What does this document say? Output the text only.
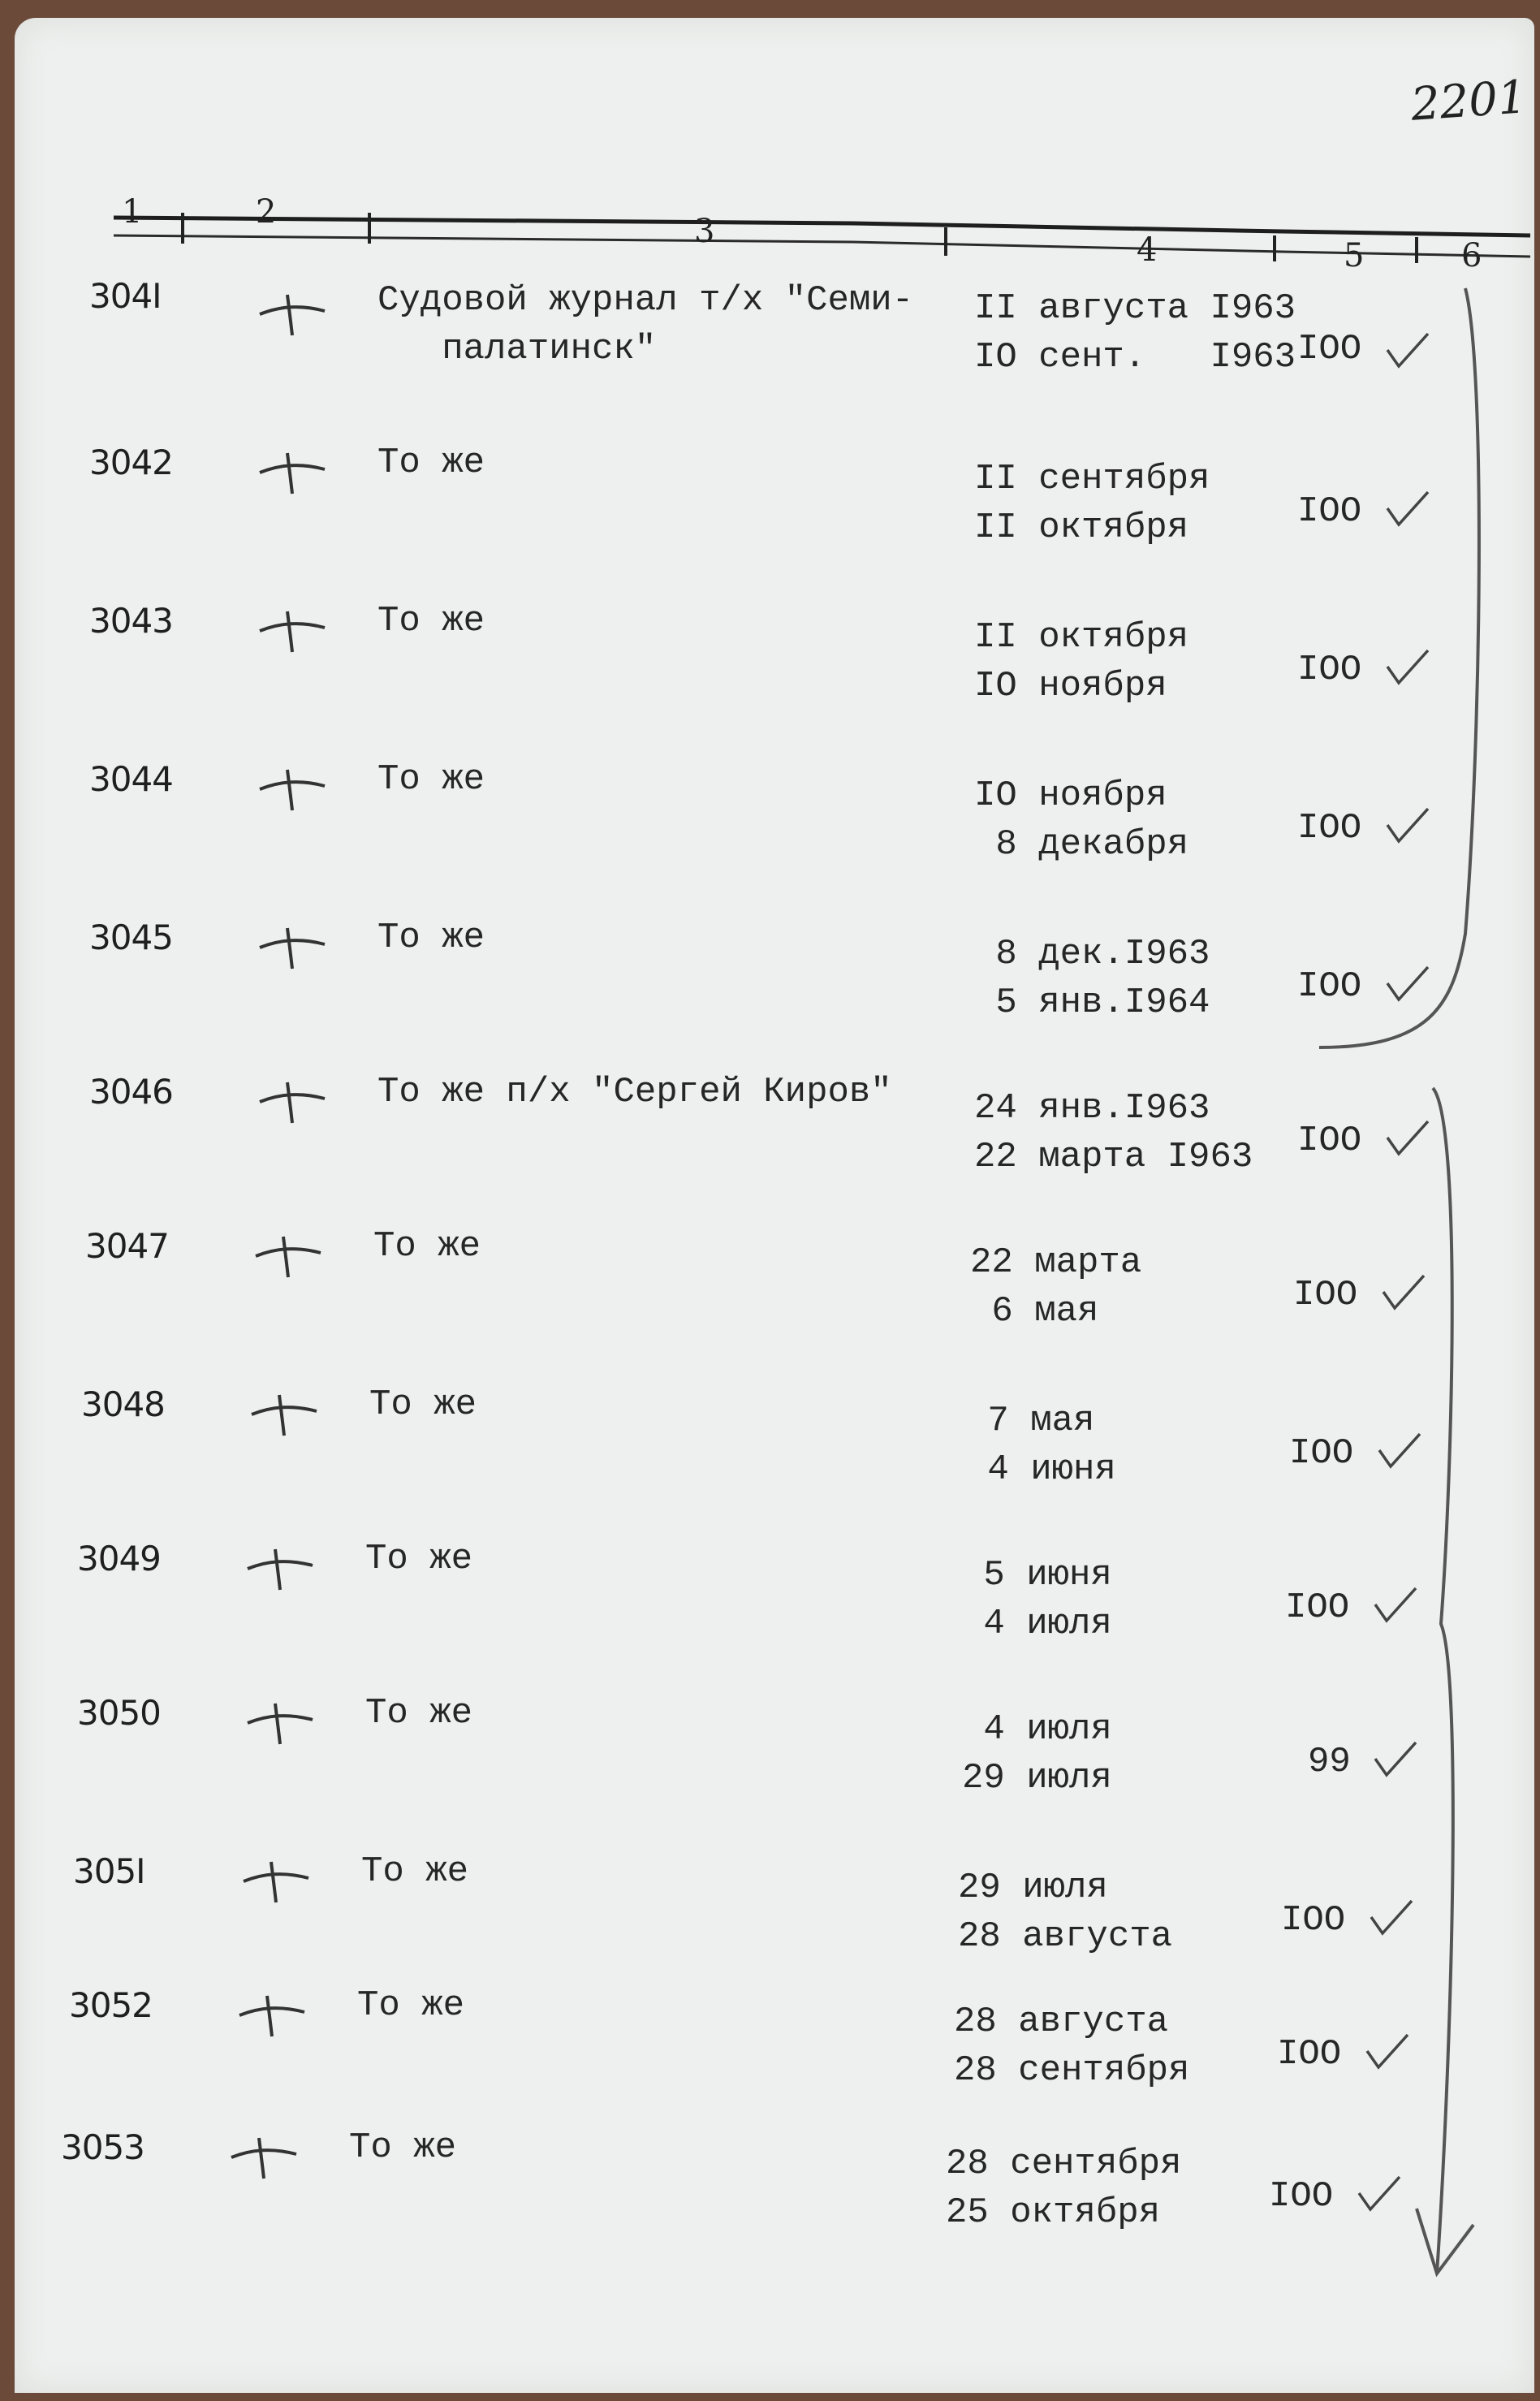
2201
1	2
3	4	5	6
304I	Судовой журнал т/х "Семи-
палатинск"
II августа I963
IO сент.   I963 IOO
3042	То же	II сентября
II октября	IOO
3043	То же	II октября
IO ноября	IOO
3044	То же	IO ноября
8 декабря	IOO
3045	То же	8 дек.I963
5 янв.I964 IOO
3046	То же п/х "Сергей Киров" 24 янв.I963
22 марта I963 IOO
3047	То же	22 марта
6 мая	IOO
3048	То же	7 мая
4 июня	IOO
3049	То же	5 июня
4 июля	IOO
3050	То же	4 июля
29 июля	99
305I	То же	29 июля
28 августа	IOO
3052	То же	28 августа
28 сентября IOO
3053	То же	28 сентября
25 октября	IOO
